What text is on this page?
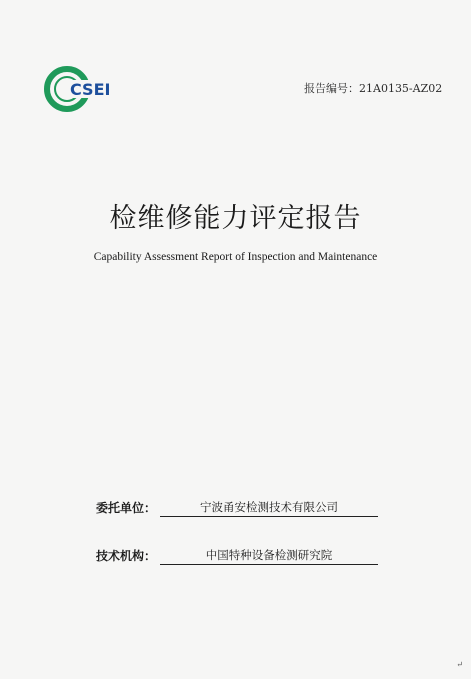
CSEI	报告编号：21A0135-AZ02
检维修能力评定报告
Capability Assessment Report of Inspection and Maintenance
委托单位：	宁波甬安检测技术有限公司
技术机构：	中国特种设备检测研究院
↵
